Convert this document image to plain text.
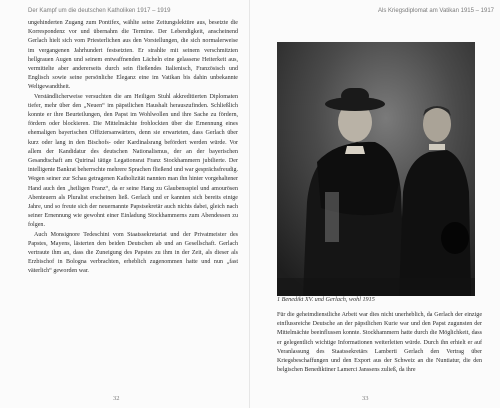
Der Kampf um die deutschen Katholiken 1917 – 1919

ungehinderten Zugang zum Pontifex, wählte seine Zeitungslektüre aus, besetzte die Korrespondenz vor und übernahm die Termine. Der Lebendigkeit, anscheinend Gerlach hielt sich vom Priesterlichen aus den Vorstellungen, die sich normalerweise im vergangenen Jahrhundert festsetzten. Er strahlte mit seinem verschmitzten hellgrauen Augen und seinem entwaffnenden Lächeln eine gelassene Heiterkeit aus, vermittelte aber andererseits durch sein fließendes Italienisch, Französisch und Englisch sowie seine persönliche Eleganz eine im Vatikan bis dahin unbekannte Weltgewandtheit.

Verständlicherweise versuchten die am Heiligen Stuhl akkreditierten Diplomaten tiefer, mehr über den „Neuen“ im päpstlichen Haushalt herauszufinden. Schließlich konnte er ihre Beurteilungen, den Papst im Wohlwollen und ihre Sache zu fördern, fördern oder blockieren. Die Mittelmächte frohlockten über die Ernennung eines ehemaligen bayerischen Offiziersanwärters, denn sie erwarteten, dass Gerlach über kurz oder lang in den Bischofs- oder Kardinalsrang befördert werden würde. Vor allem der Kandidatur des deutschen Nationalismus, der an der bayerischen Gesandtschaft am Quirinal tätige Legationsrat Franz Stockhammern jubilierte. Der intelligente Bankrat beherrschte mehrere Sprachen fließend und war gesprächsfreudig. Wegen seiner zur Schau getragenen Katholizität nannten man ihn hinter vorgehaltener Hand auch den „heiligen Franz“, da er seine Hang zu Glaubensspiel und amourösen Abenteuern als Pluralist erscheinen ließ. Gerlach und er kannten sich bereits einige Jahre, und so freute sich der neuernannte Papstsekretär auch nichts dabei, gleich nach seiner Ernennung wie gewohnt einer Einladung Stockhammerns zum Abendessen zu folgen.

Auch Monsignore Tedeschini vom Staatssekretariat und der Privatmeister des Papstes, Mayens, lästerten den beiden Deutschen ab und an Gesellschaft. Gerlach vertraute ihm an, dass die Zuneigung des Papstes zu ihm in der Zeit, als dieser als Erzbischof in Bologna verbrachten, erheblich zugenommen hatte und nun „fast väterlich“ geworden war.

32
Als Kriegsdiplomat am Vatikan 1915 – 1917
33
1 Benedikt XV. und Gerlach, wohl 1915

Für die geheimdienstliche Arbeit war dies nicht unerheblich, da Gerlach der einzige einflussreiche Deutsche an der päpstlichen Kurie war und den Papst zugunsten der Mittelmächte beeinflussen konnte. Stockhammern hatte durch die Möglichkeit, dass er gelegentlich wichtige Informationen weiterleiten würde. Durch ihn erhielt er auf Veranlassung des Staatssekretärs Lamberti Gerlach den Vertrag über Kriegsbeschaffungen und den Export aus der Schweiz an die Nuntiatur, die den belgischen Benediktiner Lamerci Janssens zuließ, da ihre
